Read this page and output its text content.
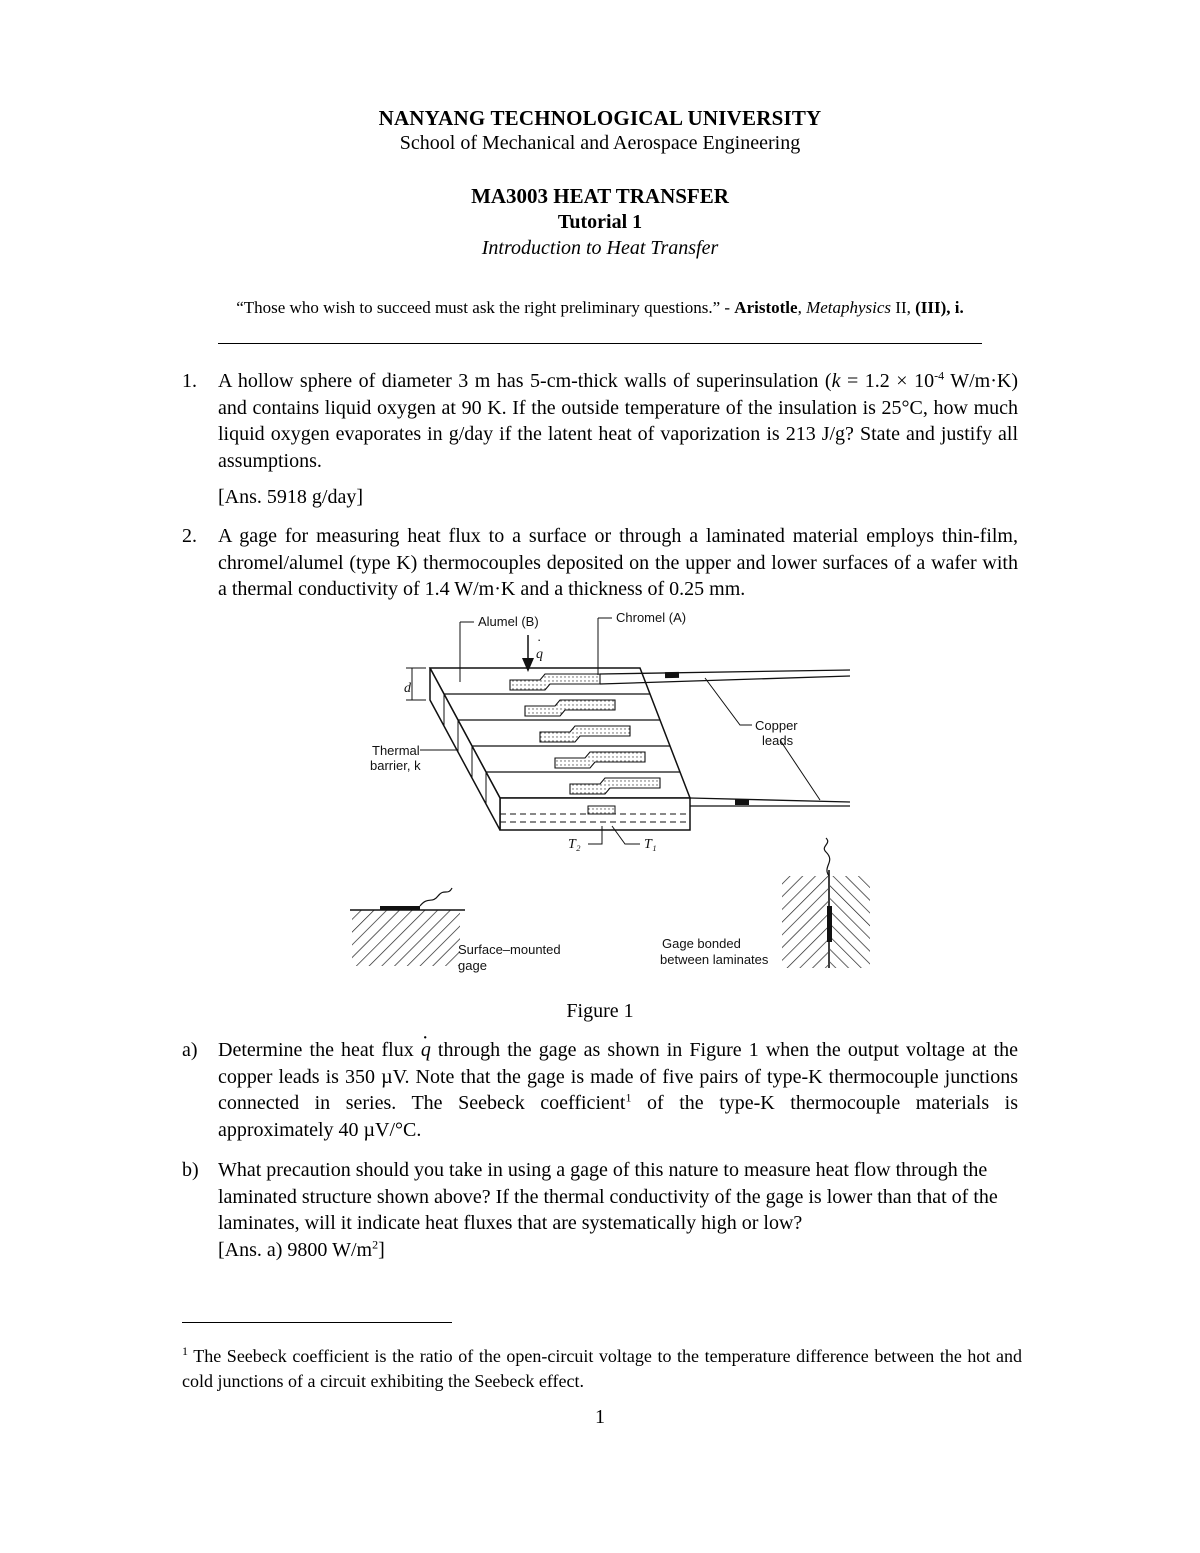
NANYANG TECHNOLOGICAL UNIVERSITY
School of Mechanical and Aerospace Engineering
MA3003 HEAT TRANSFER
Tutorial 1
Introduction to Heat Transfer
“Those who wish to succeed must ask the right preliminary questions.” - Aristotle, Metaphysics II, (III), i.
1. A hollow sphere of diameter 3 m has 5-cm-thick walls of superinsulation ($k = 1.2 \times 10^{-4}$ W/m·K) and contains liquid oxygen at 90 K. If the outside temperature of the insulation is 25°C, how much liquid oxygen evaporates in g/day if the latent heat of vaporization is 213 J/g? State and justify all assumptions.
[Ans. 5918 g/day]
2. A gage for measuring heat flux to a surface or through a laminated material employs thin-film, chromel/alumel (type K) thermocouples deposited on the upper and lower surfaces of a wafer with a thermal conductivity of 1.4 W/m·K and a thickness of 0.25 mm.
Alumel (B)	Chromel (A)
q
·
d
Copper
leads
Thermal
barrier, k
T₂	T₁
Surface–mounted
gage
Gage bonded
between laminates
Figure 1
a) Determine the heat flux · q through the gage as shown in Figure 1 when the output voltage at the copper leads is 350 µV. Note that the gage is made of five pairs of type-K thermocouple junctions connected in series. The Seebeck coefficient$^1$ of the type-K thermocouple materials is approximately 40 µV/°C.
b) What precaution should you take in using a gage of this nature to measure heat flow through the laminated structure shown above? If the thermal conductivity of the gage is lower than that of the laminates, will it indicate heat fluxes that are systematically high or low?
[Ans. a) 9800 $W/m^2$]
$^1$ The Seebeck coefficient is the ratio of the open-circuit voltage to the temperature difference between the hot and cold junctions of a circuit exhibiting the Seebeck effect.
1
